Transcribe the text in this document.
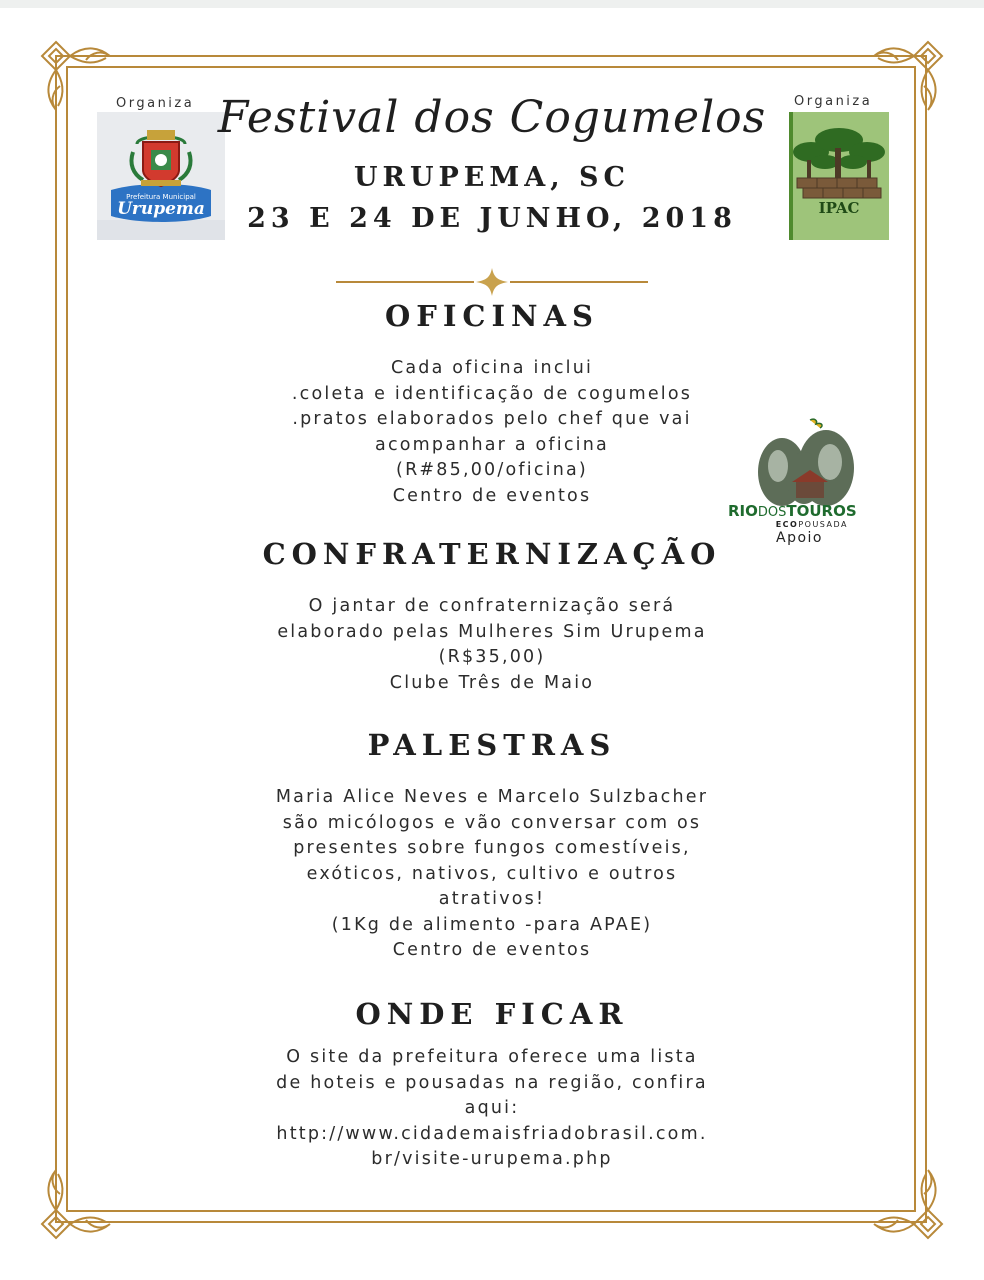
Organiza
Prefeitura Municipal
Urupema
Organiza
IPAC
RIODOSTOUROS
ECOPOUSADA
Apoio
Festival dos Cogumelos
URUPEMA, SC
23 E 24 DE JUNHO, 2018
OFICINAS
Cada oficina inclui
.coleta e identificação de cogumelos
.pratos elaborados pelo chef que vai
acompanhar a oficina
(R#85,00/oficina)
Centro de eventos
CONFRATERNIZAÇÃO
O jantar de confraternização será
elaborado pelas Mulheres Sim Urupema
(R$35,00)
Clube Três de Maio
PALESTRAS
Maria Alice Neves e Marcelo Sulzbacher
são micólogos e vão conversar com os
presentes sobre fungos comestíveis,
exóticos, nativos, cultivo e outros
atrativos!
(1Kg de alimento -para APAE)
Centro de eventos
ONDE FICAR
O site da prefeitura oferece uma lista
de hoteis e pousadas na região, confira
aqui:
http://www.cidademaisfriadobrasil.com.
br/visite-urupema.php
